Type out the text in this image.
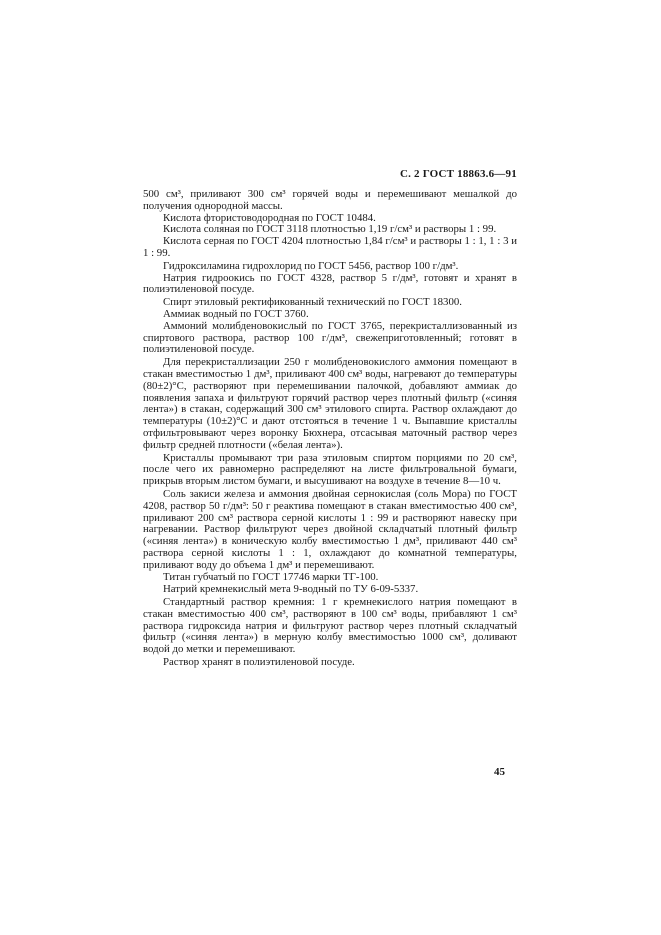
С. 2 ГОСТ 18863.6—91

500 см³, приливают 300 см³ горячей воды и перемешивают мешалкой до получения однородной массы.

Кислота фтористоводородная по ГОСТ 10484.

Кислота соляная по ГОСТ 3118 плотностью 1,19 г/см³ и растворы 1 : 99.

Кислота серная по ГОСТ 4204 плотностью 1,84 г/см³ и растворы 1 : 1, 1 : 3 и 1 : 99.

Гидроксиламина гидрохлорид по ГОСТ 5456, раствор 100 г/дм³.

Натрия гидроокись по ГОСТ 4328, раствор 5 г/дм³, готовят и хранят в полиэтиленовой посуде.

Спирт этиловый ректификованный технический по ГОСТ 18300.

Аммиак водный по ГОСТ 3760.

Аммоний молибденовокислый по ГОСТ 3765, перекристаллизованный из спиртового раствора, раствор 100 г/дм³, свежеприготовленный; готовят в полиэтиленовой посуде.

Для перекристаллизации 250 г молибденовокислого аммония помещают в стакан вместимостью 1 дм³, приливают 400 см³ воды, нагревают до температуры (80±2)°С, растворяют при перемешивании палочкой, добавляют аммиак до появления запаха и фильтруют горячий раствор через плотный фильтр («синяя лента») в стакан, содержащий 300 см³ этилового спирта. Раствор охлаждают до температуры (10±2)°С и дают отстояться в течение 1 ч. Выпавшие кристаллы отфильтровывают через воронку Бюхнера, отсасывая маточный раствор через фильтр средней плотности («белая лента»).

Кристаллы промывают три раза этиловым спиртом порциями по 20 см³, после чего их равномерно распределяют на листе фильтровальной бумаги, прикрыв вторым листом бумаги, и высушивают на воздухе в течение 8—10 ч.

Соль закиси железа и аммония двойная сернокислая (соль Мора) по ГОСТ 4208, раствор 50 г/дм³: 50 г реактива помещают в стакан вместимостью 400 см³, приливают 200 см³ раствора серной кислоты 1 : 99 и растворяют навеску при нагревании. Раствор фильтруют через двойной складчатый плотный фильтр («синяя лента») в коническую колбу вместимостью 1 дм³, приливают 440 см³ раствора серной кислоты 1 : 1, охлаждают до комнатной температуры, приливают воду до объема 1 дм³ и перемешивают.

Титан губчатый по ГОСТ 17746 марки ТГ-100.

Натрий кремнекислый мета 9-водный по ТУ 6-09-5337.

Стандартный раствор кремния: 1 г кремнекислого натрия помещают в стакан вместимостью 400 см³, растворяют в 100 см³ воды, прибавляют 1 см³ раствора гидроксида натрия и фильтруют раствор через плотный складчатый фильтр («синяя лента») в мерную колбу вместимостью 1000 см³, доливают водой до метки и перемешивают.

Раствор хранят в полиэтиленовой посуде.

45
